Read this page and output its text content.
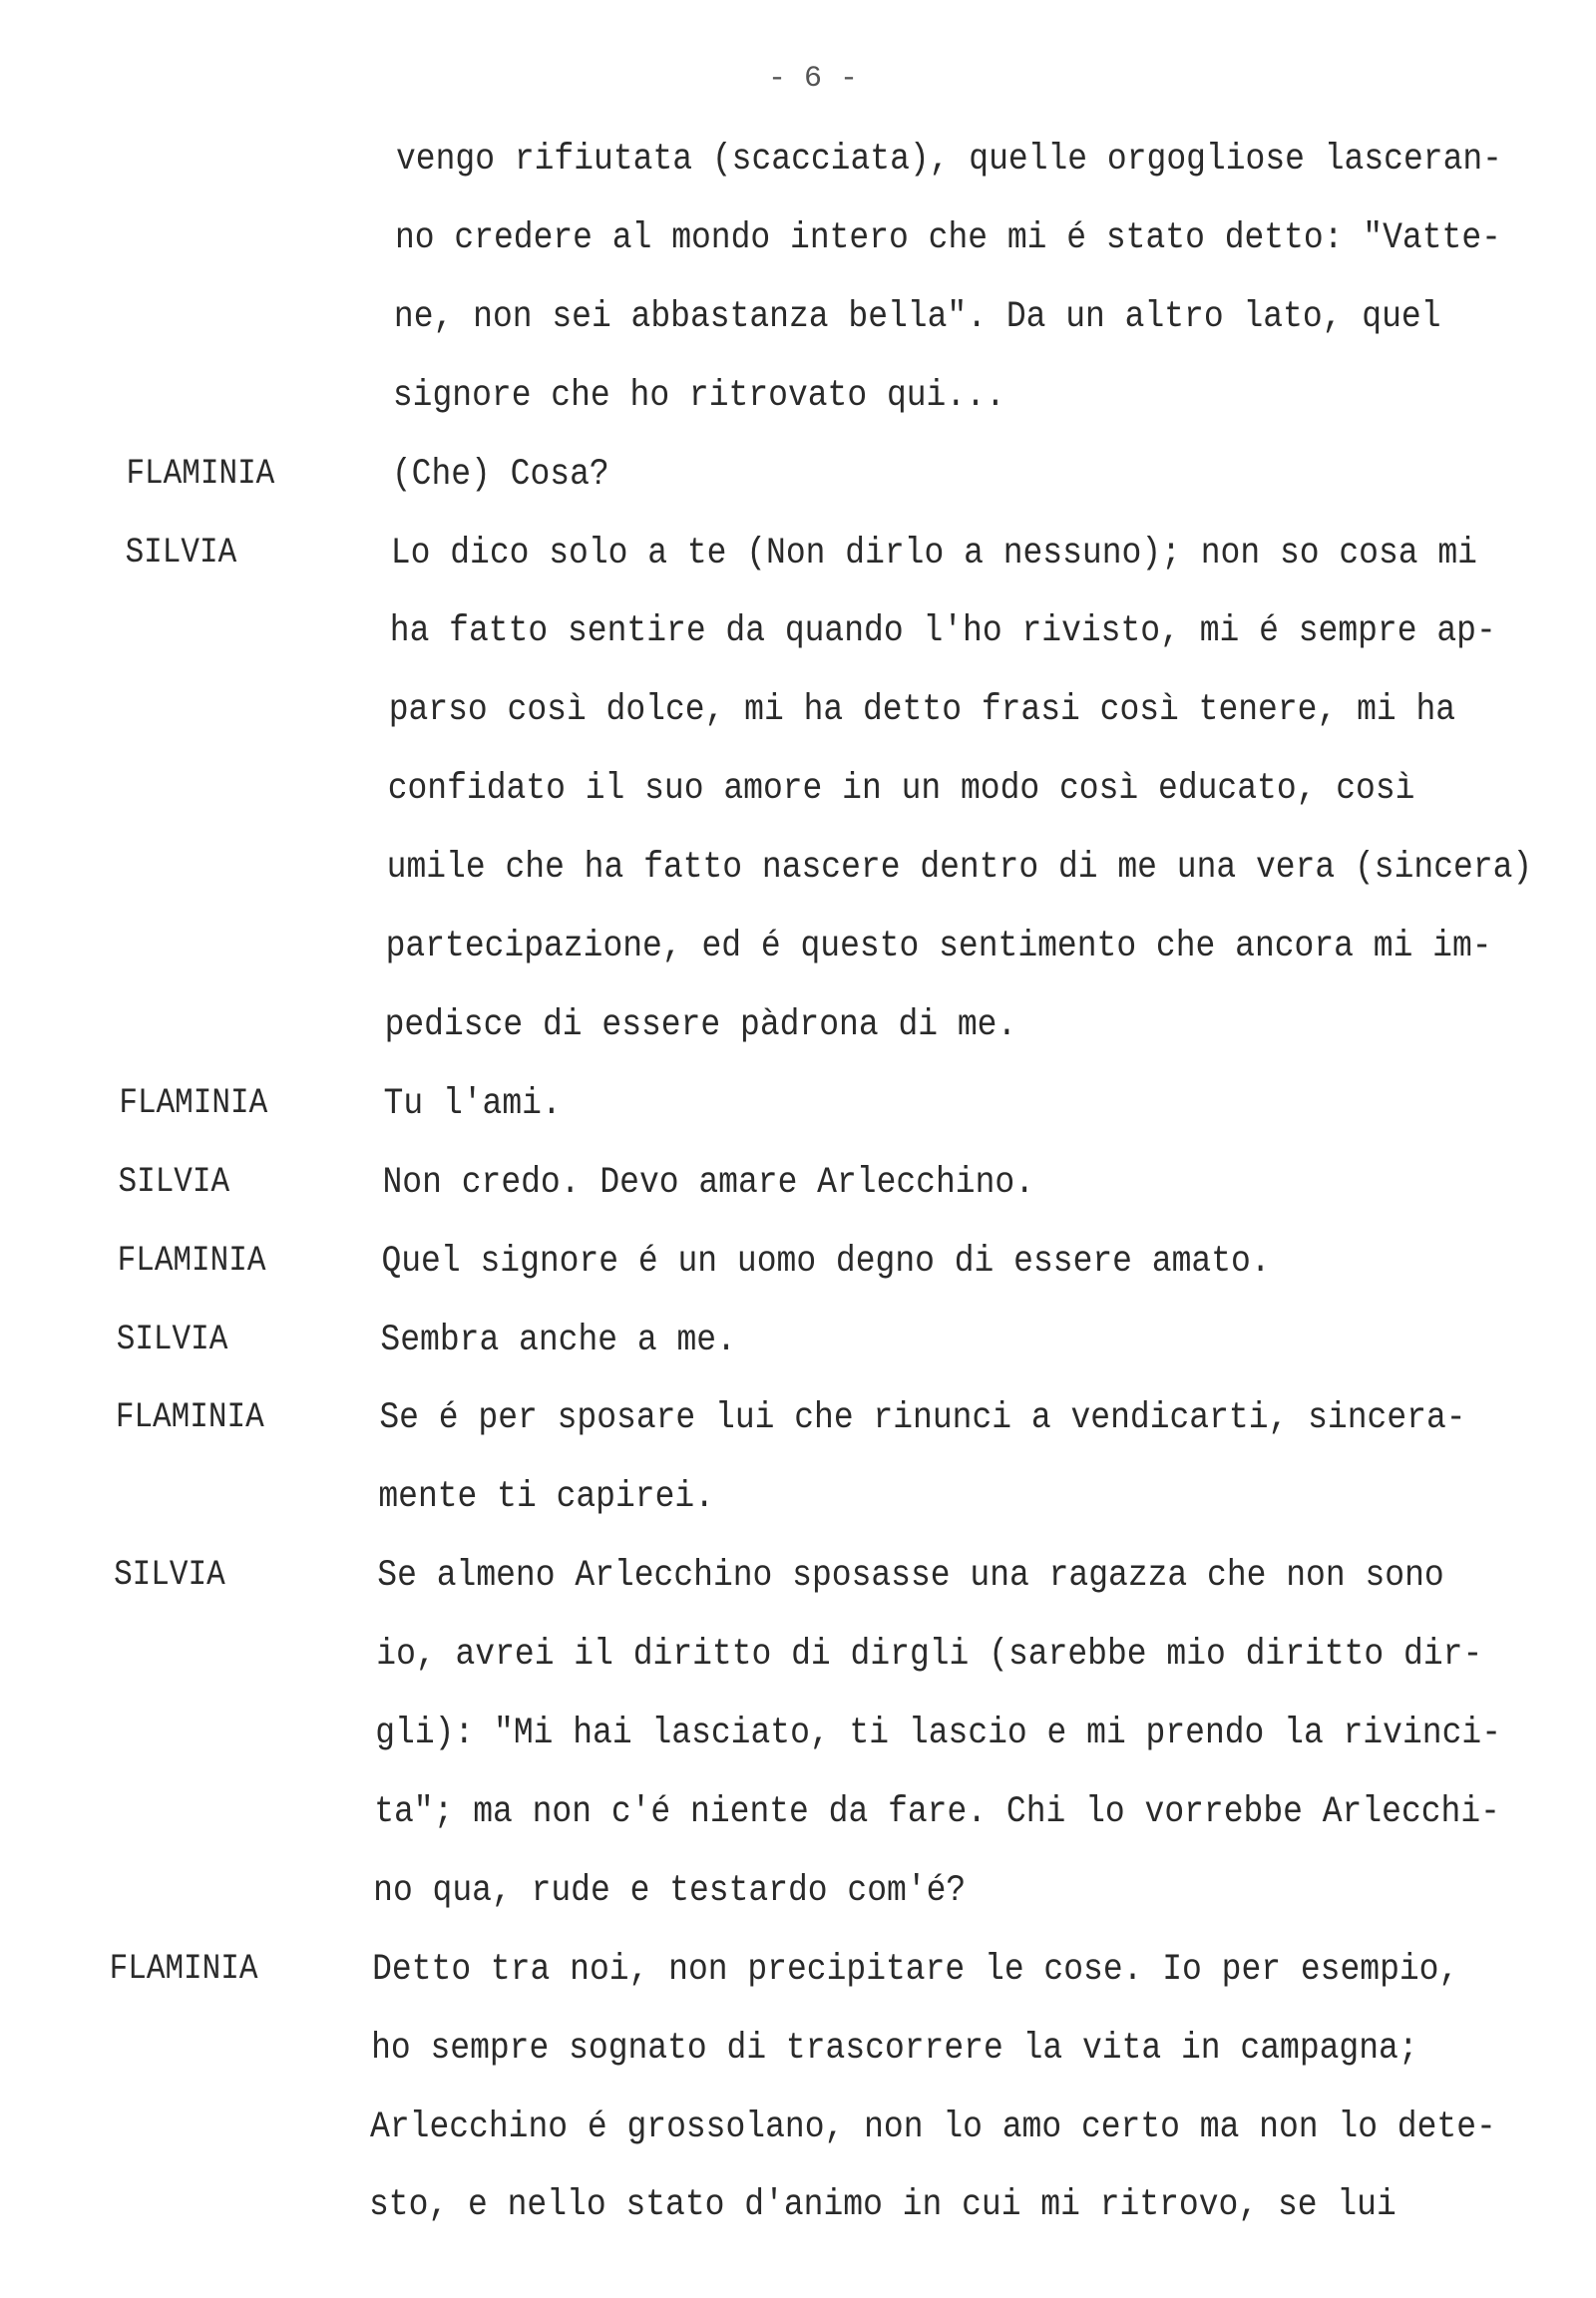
- 6 -
vengo rifiutata (scacciata), quelle orgogliose lasceran-
no credere al mondo intero che mi é stato detto: "Vatte-
ne, non sei abbastanza bella". Da un altro lato, quel
signore che ho ritrovato qui...
FLAMINIA	(Che) Cosa?
SILVIA	Lo dico solo a te (Non dirlo a nessuno); non so cosa mi
ha fatto sentire da quando l'ho rivisto, mi é sempre ap-
parso così dolce, mi ha detto frasi così tenere, mi ha
confidato il suo amore in un modo così educato, così
umile che ha fatto nascere dentro di me una vera (sincera)
partecipazione, ed é questo sentimento che ancora mi im-
pedisce di essere pàdrona di me.
FLAMINIA	Tu l'ami.
SILVIA	Non credo. Devo amare Arlecchino.
FLAMINIA	Quel signore é un uomo degno di essere amato.
SILVIA	Sembra anche a me.
FLAMINIA	Se é per sposare lui che rinunci a vendicarti, sincera-
mente ti capirei.
SILVIA	Se almeno Arlecchino sposasse una ragazza che non sono
io, avrei il diritto di dirgli (sarebbe mio diritto dir-
gli): "Mi hai lasciato, ti lascio e mi prendo la rivinci-
ta"; ma non c'é niente da fare. Chi lo vorrebbe Arlecchi-
no qua, rude e testardo com'é?
FLAMINIA	Detto tra noi, non precipitare le cose. Io per esempio,
ho sempre sognato di trascorrere la vita in campagna;
Arlecchino é grossolano, non lo amo certo ma non lo dete-
sto, e nello stato d'animo in cui mi ritrovo, se lui
